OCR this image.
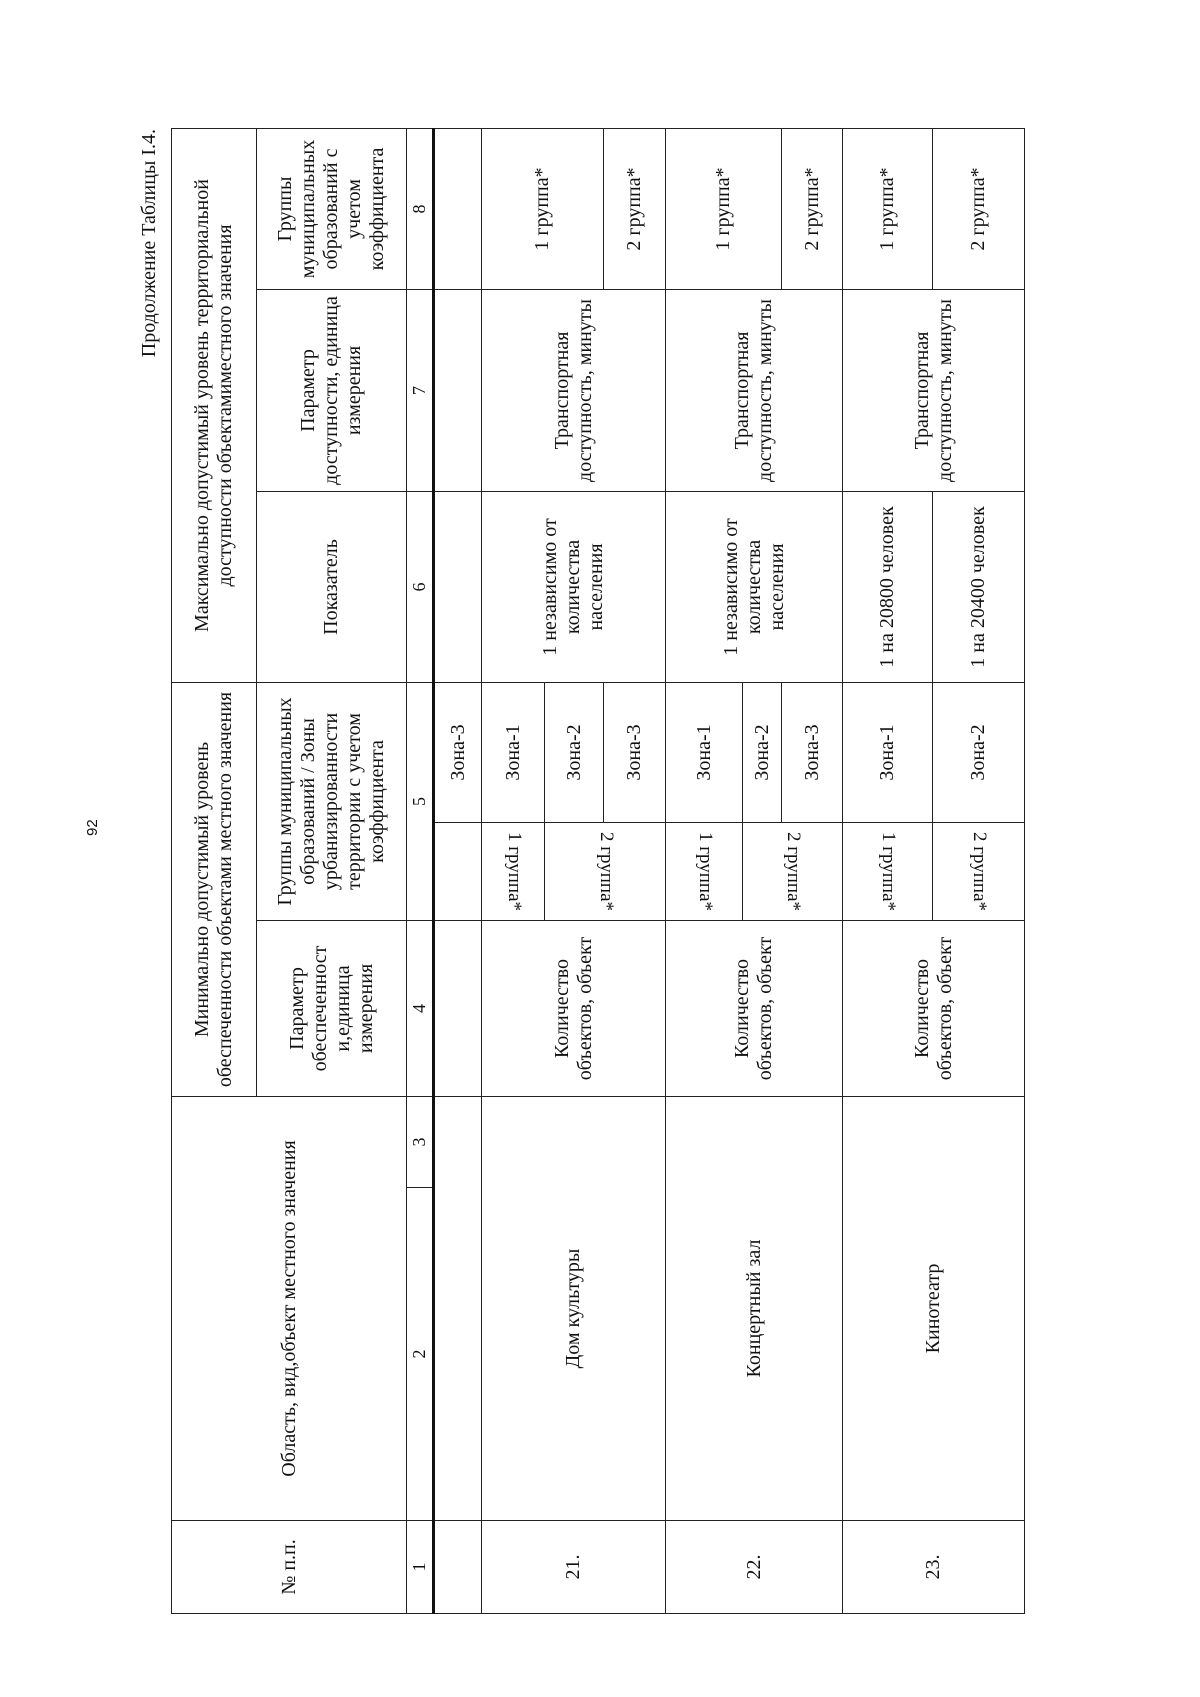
92
Продолжение Таблицы I.4.
№ п.п.	Область, вид,объект местного значения		Минимально допустимый уровень обеспеченности объектами местного значения			Максимально допустимый уровень территориальной доступности объектамиместного значения			
			Параметр обеспеченност и,единица измерения	Группы муниципальных образований / Зоны урбанизированности территории с учетом коэффициента		Показатель	Параметр доступности, единица измерения	Группы муниципальных образований с учетом коэффициента	
1	2	3	4	5		6	7	8	
					Зона-3				
21.	Дом культуры		Количество объектов, объект	1 группа*	Зона-1	1 независимо от количества населения	Транспортная доступность, минуты	1 группа*	
				2 группа*	Зона-2				
					Зона-3			2 группа*	
22.	Концертный зал		Количество объектов, объект	1 группа*	Зона-1	1 независимо от количества населения	Транспортная доступность, минуты	1 группа*	
				2 группа*	Зона-2				
					Зона-3			2 группа*	
23.	Кинотеатр		Количество объектов, объект	1 группа*	Зона-1	1 на 20800 человек	Транспортная доступность, минуты	1 группа*	
				2 группа*	Зона-2	1 на 20400 человек		2 группа*	
